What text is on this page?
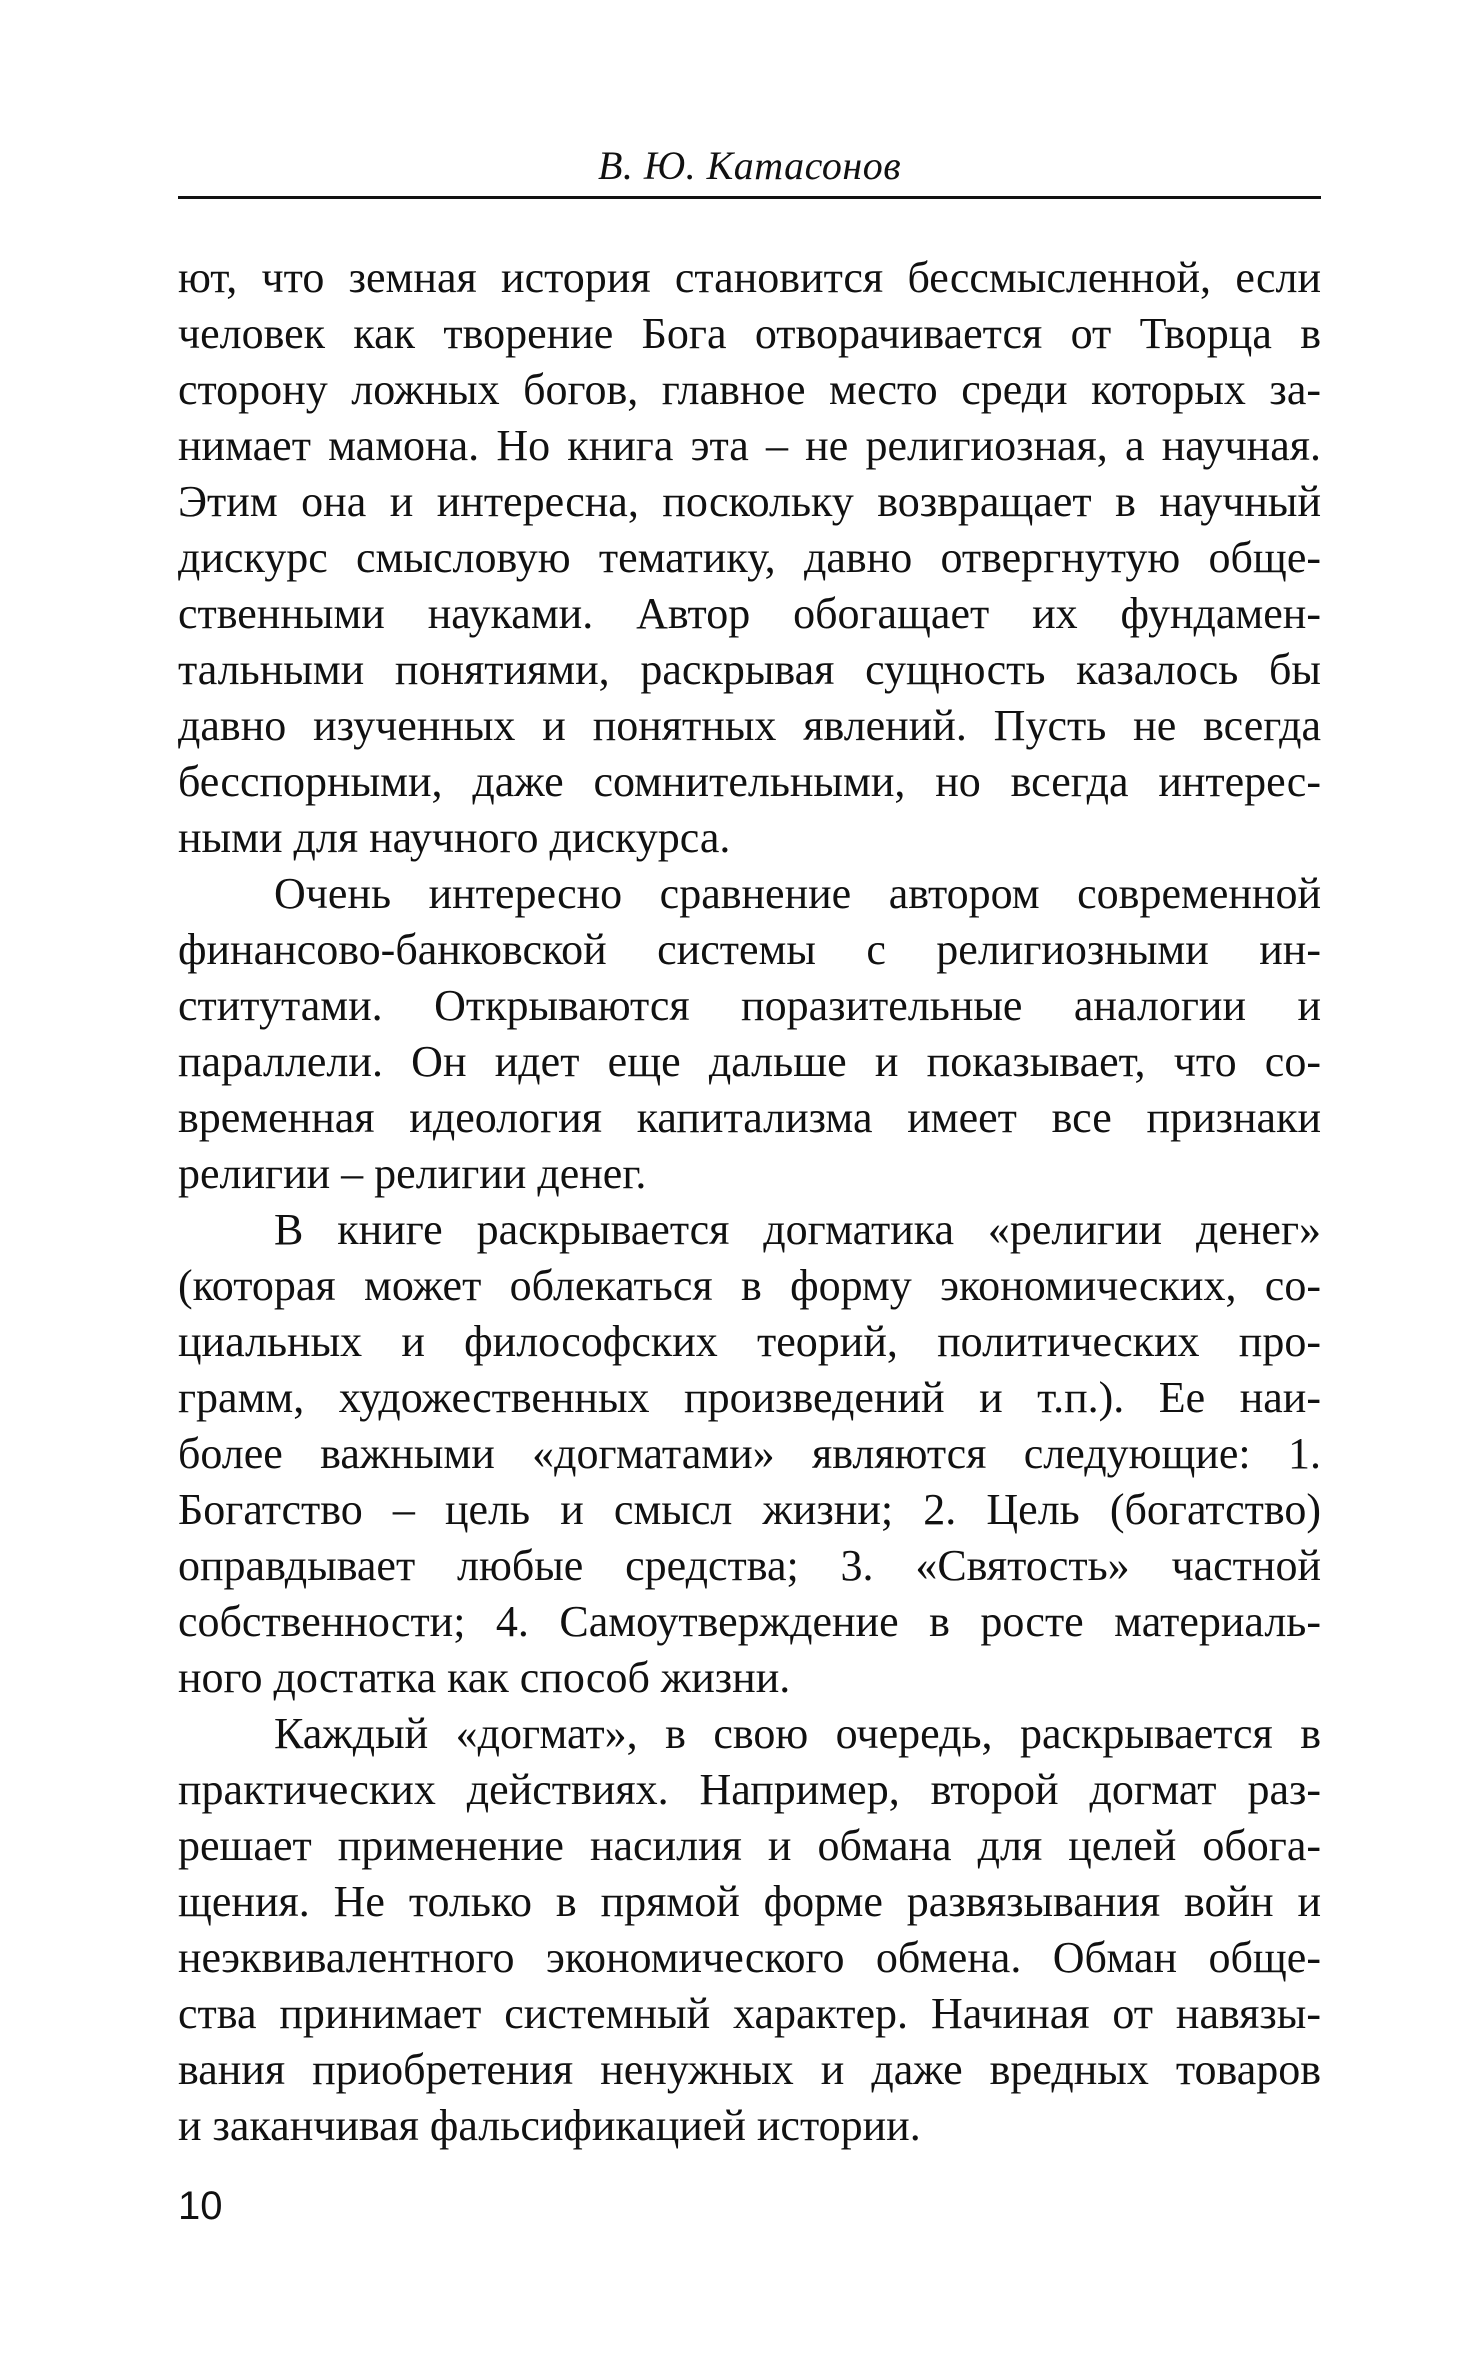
В. Ю. Катасонов
ют, что земная история становится бессмысленной, если
человек как творение Бога отворачивается от Творца в
сторону ложных богов, главное место среди которых за-
нимает мамона. Но книга эта – не религиозная, а научная.
Этим она и интересна, поскольку возвращает в научный
дискурс смысловую тематику, давно отвергнутую обще-
ственными науками. Автор обогащает их фундамен-
тальными понятиями, раскрывая сущность казалось бы
давно изученных и понятных явлений. Пусть не всегда
бесспорными, даже сомнительными, но всегда интерес-
ными для научного дискурса.
Очень интересно сравнение автором современной
финансово-банковской системы с религиозными ин-
ститутами. Открываются поразительные аналогии и
параллели. Он идет еще дальше и показывает, что со-
временная идеология капитализма имеет все признаки
религии – религии денег.
В книге раскрывается догматика «религии денег»
(которая может облекаться в форму экономических, со-
циальных и философских теорий, политических про-
грамм, художественных произведений и т.п.). Ее наи-
более важными «догматами» являются следующие: 1.
Богатство – цель и смысл жизни; 2. Цель (богатство)
оправдывает любые средства; 3. «Святость» частной
собственности; 4. Самоутверждение в росте материаль-
ного достатка как способ жизни.
Каждый «догмат», в свою очередь, раскрывается в
практических действиях. Например, второй догмат раз-
решает применение насилия и обмана для целей обога-
щения. Не только в прямой форме развязывания войн и
неэквивалентного экономического обмена. Обман обще-
ства принимает системный характер. Начиная от навязы-
вания приобретения ненужных и даже вредных товаров
и заканчивая фальсификацией истории.
10
